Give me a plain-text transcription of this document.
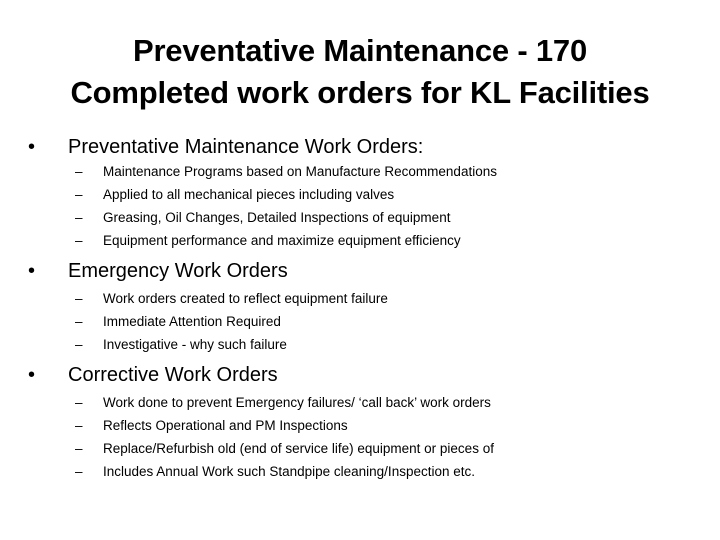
Preventative Maintenance - 170
Completed work orders for KL Facilities
• Preventative Maintenance Work Orders:
– Maintenance Programs based on Manufacture Recommendations
– Applied to all mechanical pieces including valves
– Greasing, Oil Changes, Detailed Inspections of equipment
– Equipment performance and maximize equipment efficiency
• Emergency Work Orders
– Work orders created to reflect equipment failure
– Immediate Attention Required
– Investigative - why such failure
• Corrective Work Orders
– Work done to prevent Emergency failures/ ‘call back’ work orders
– Reflects Operational and PM Inspections
– Replace/Refurbish old (end of service life) equipment or pieces of
– Includes Annual Work such Standpipe cleaning/Inspection etc.
